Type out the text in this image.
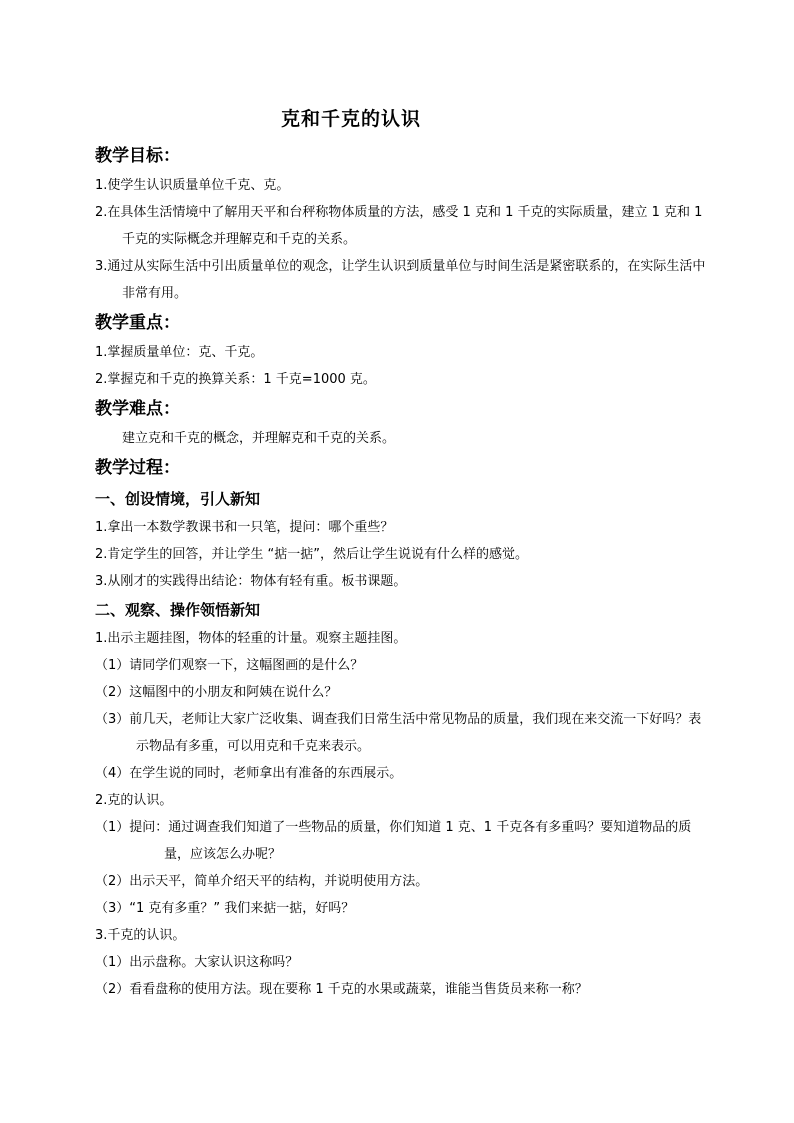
克和千克的认识
教学目标：

1.使学生认识质量单位千克、克。

2.在具体生活情境中了解用天平和台秤称物体质量的方法，感受 1 克和 1 千克的实际质量，建立 1 克和 1 千克的实际概念并理解克和千克的关系。

3.通过从实际生活中引出质量单位的观念，让学生认识到质量单位与时间生活是紧密联系的，在实际生活中非常有用。

教学重点：

1.掌握质量单位：克、千克。

2.掌握克和千克的换算关系：1 千克=1000 克。

教学难点：

建立克和千克的概念，并理解克和千克的关系。

教学过程：
一、创设情境，引人新知

1.拿出一本数学教课书和一只笔，提问：哪个重些？

2.肯定学生的回答，并让学生 “掂一掂”，然后让学生说说有什么样的感觉。

3.从刚才的实践得出结论：物体有轻有重。板书课题。

二、观察、操作领悟新知

1.出示主题挂图，物体的轻重的计量。观察主题挂图。

（1）请同学们观察一下，这幅图画的是什么？

（2）这幅图中的小朋友和阿姨在说什么？

（3）前几天，老师让大家广泛收集、调查我们日常生活中常见物品的质量，我们现在来交流一下好吗？表示物品有多重，可以用克和千克来表示。

（4）在学生说的同时，老师拿出有准备的东西展示。

2.克的认识。

（1）提问：通过调查我们知道了一些物品的质量，你们知道 1 克、1 千克各有多重吗？要知道物品的质量，应该怎么办呢？

（2）出示天平，简单介绍天平的结构，并说明使用方法。

（3）“1 克有多重？” 我们来掂一掂，好吗？

3.千克的认识。

（1）出示盘称。大家认识这称吗？

（2）看看盘称的使用方法。现在要称 1 千克的水果或蔬菜，谁能当售货员来称一称？
